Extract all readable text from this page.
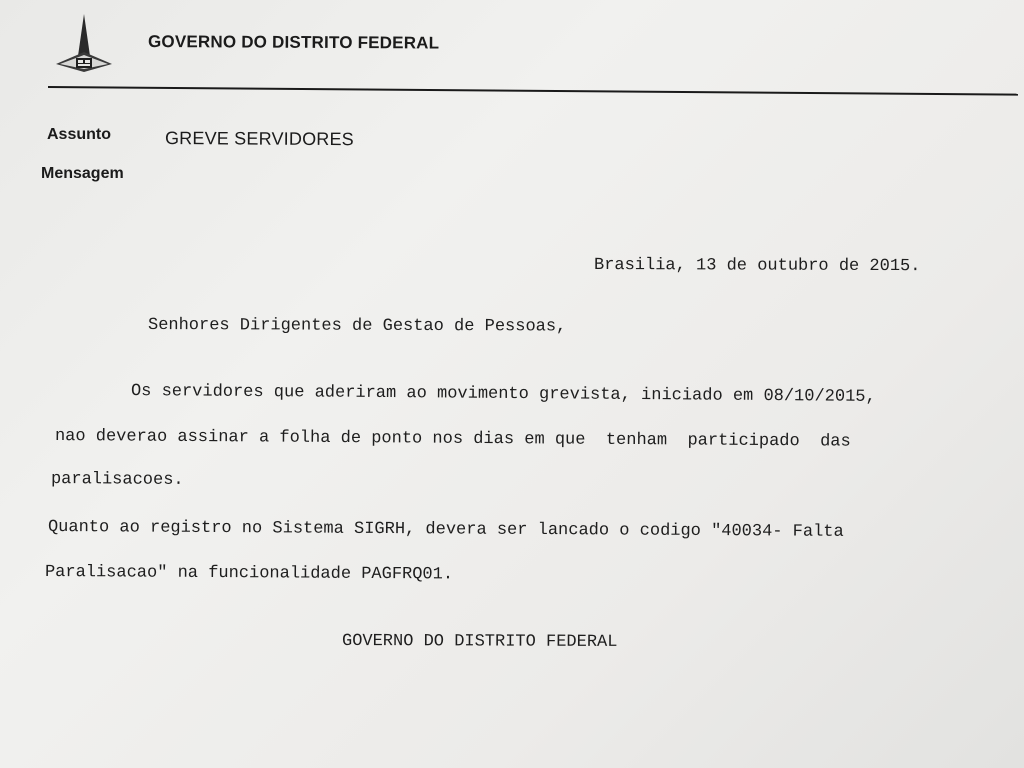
GOVERNO DO DISTRITO FEDERAL
Assunto	GREVE SERVIDORES
Mensagem
Brasilia, 13 de outubro de 2015.
Senhores Dirigentes de Gestao de Pessoas,
Os servidores que aderiram ao movimento grevista, iniciado em 08/10/2015,
nao deverao assinar a folha de ponto nos dias em que  tenham  participado  das
paralisacoes.
Quanto ao registro no Sistema SIGRH, devera ser lancado o codigo "40034- Falta
Paralisacao" na funcionalidade PAGFRQ01.
GOVERNO DO DISTRITO FEDERAL
